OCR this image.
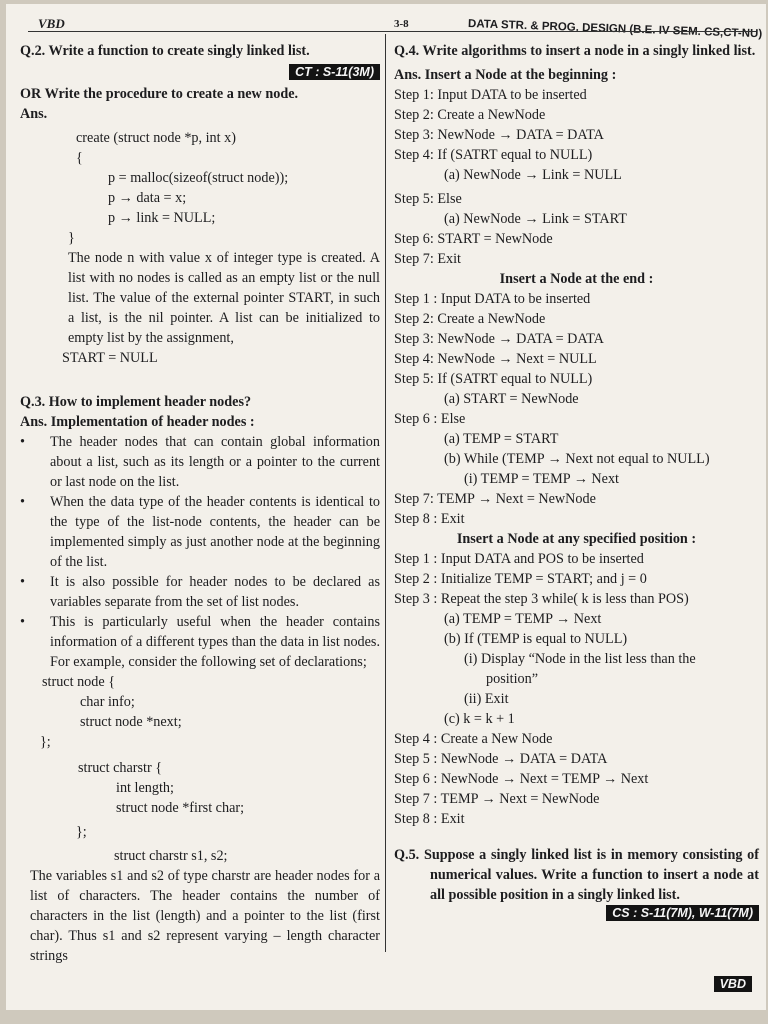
VBD	3-8	DATA STR. & PROG. DESIGN (B.E. IV SEM. CS,CT-NU)
Q.2. Write a function to create singly linked list.
CT : S-11(3M)
OR Write the procedure to create a new node.
Ans.
create (struct node *p, int x)
{
p = malloc(sizeof(struct node));
p → data = x;
p → link = NULL;
}
The node n with value x of integer type is created. A list with no nodes is called as an empty list or the null list. The value of the external pointer START, in such a list, is the nil pointer. A list can be initialized to empty list by the assignment,
START = NULL
Q.3. How to implement header nodes?
Ans. Implementation of header nodes :
• The header nodes that can contain global information about a list, such as its length or a pointer to the current or last node on the list.
• When the data type of the header contents is identical to the type of the list-node contents, the header can be implemented simply as just another node at the beginning of the list.
• It is also possible for header nodes to be declared as variables separate from the set of list nodes.
• This is particularly useful when the header contains information of a different types than the data in list nodes. For example, consider the following set of declarations;
struct node {
char info;
struct node *next;
};
struct charstr {
int length;
struct node *first char;
};
struct charstr s1, s2;
The variables s1 and s2 of type charstr are header nodes for a list of characters. The header contains the number of characters in the list (length) and a pointer to the list (first char). Thus s1 and s2 represent varying – length character strings
Q.4. Write algorithms to insert a node in a singly linked list.
Ans. Insert a Node at the beginning :
Step 1: Input DATA to be inserted
Step 2: Create a NewNode
Step 3: NewNode → DATA = DATA
Step 4: If (SATRT equal to NULL)
(a) NewNode → Link = NULL
Step 5: Else
(a) NewNode → Link = START
Step 6: START = NewNode
Step 7: Exit
Insert a Node at the end :
Step 1 : Input DATA to be inserted
Step 2: Create a NewNode
Step 3: NewNode → DATA = DATA
Step 4: NewNode → Next = NULL
Step 5: If (SATRT equal to NULL)
(a) START = NewNode
Step 6 : Else
(a) TEMP = START
(b) While (TEMP → Next not equal to NULL)
(i) TEMP = TEMP → Next
Step 7: TEMP → Next = NewNode
Step 8 : Exit
Insert a Node at any specified position :
Step 1 : Input DATA and POS to be inserted
Step 2 : Initialize TEMP = START; and j = 0
Step 3 : Repeat the step 3 while( k is less than POS)
(a) TEMP = TEMP → Next
(b) If (TEMP is equal to NULL)
(i) Display “Node in the list less than the
position”
(ii) Exit
(c) k = k + 1
Step 4 : Create a New Node
Step 5 : NewNode → DATA = DATA
Step 6 : NewNode → Next = TEMP → Next
Step 7 : TEMP → Next = NewNode
Step 8 : Exit
Q.5. Suppose a singly linked list is in memory consisting of numerical values. Write a function to insert a node at all possible position in a singly linked list.
CS : S-11(7M), W-11(7M)
VBD
